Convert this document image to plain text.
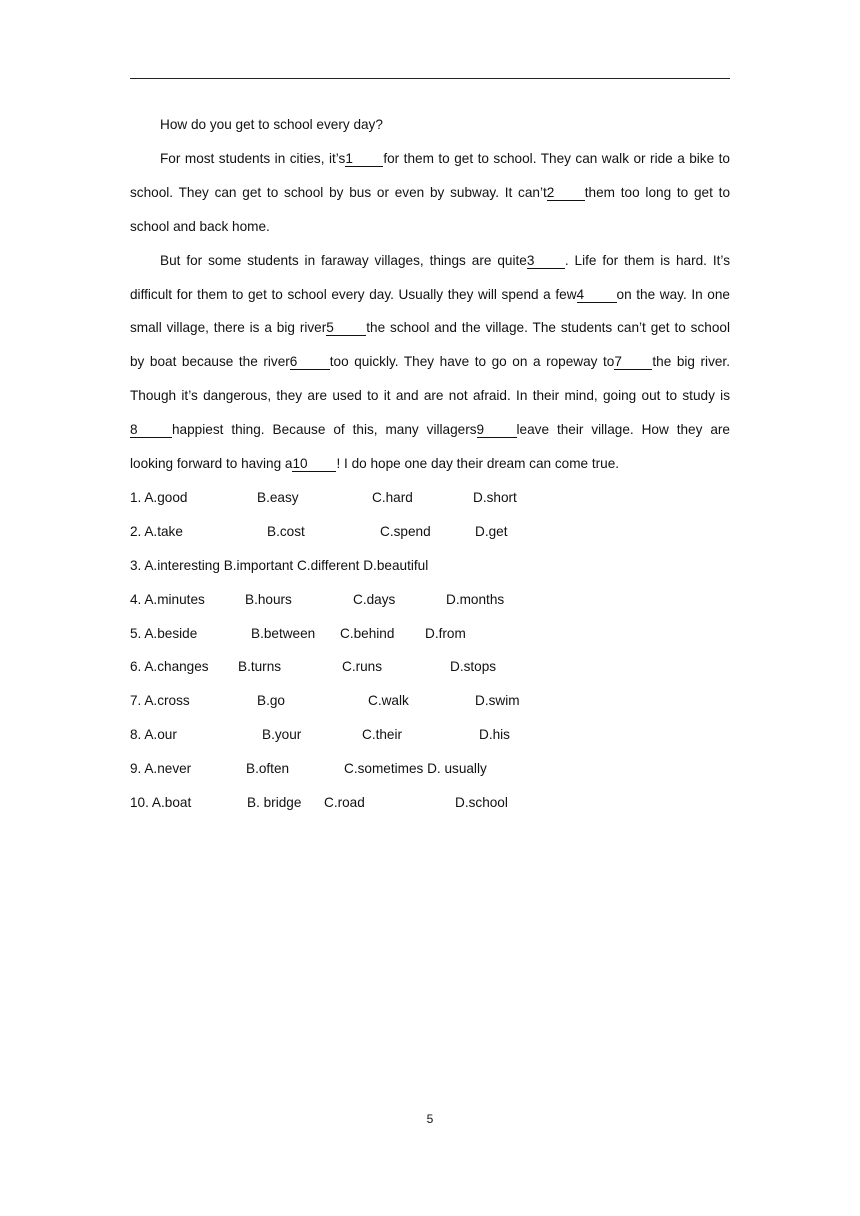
How do you get to school every day?

For most students in cities, it’s1 for them to get to school. They can walk or ride a bike to school. They can get to school by bus or even by subway. It can’t2 them too long to get to school and back home.

But for some students in faraway villages, things are quite3 . Life for them is hard. It’s difficult for them to get to school every day. Usually they will spend a few4 on the way. In one small village, there is a big river5 the school and the village. The students can’t get to school by boat because the river6 too quickly. They have to go on a ropeway to7 the big river. Though it’s dangerous, they are used to it and are not afraid. In their mind, going out to study is8	happiest thing. Because of this, many villagers9 leave their village. How they are looking forward to having a10 ! I do hope one day their dream can come true.

1. A.good	B.easy	C.hard	D.short
2. A.take	B.cost	C.spend	D.get
3. A.interesting B.important C.different D.beautiful
4. A.minutes	B.hours	C.days	D.months
5. A.beside	B.between C.behind D.from
6. A.changes B.turns	C.runs	D.stops
7. A.cross	B.go	C.walk	D.swim
8. A.our	B.your	C.their	D.his
9. A.never	B.often	C.sometimes D. usually
10. A.boat	B. bridge C.road	D.school
5
